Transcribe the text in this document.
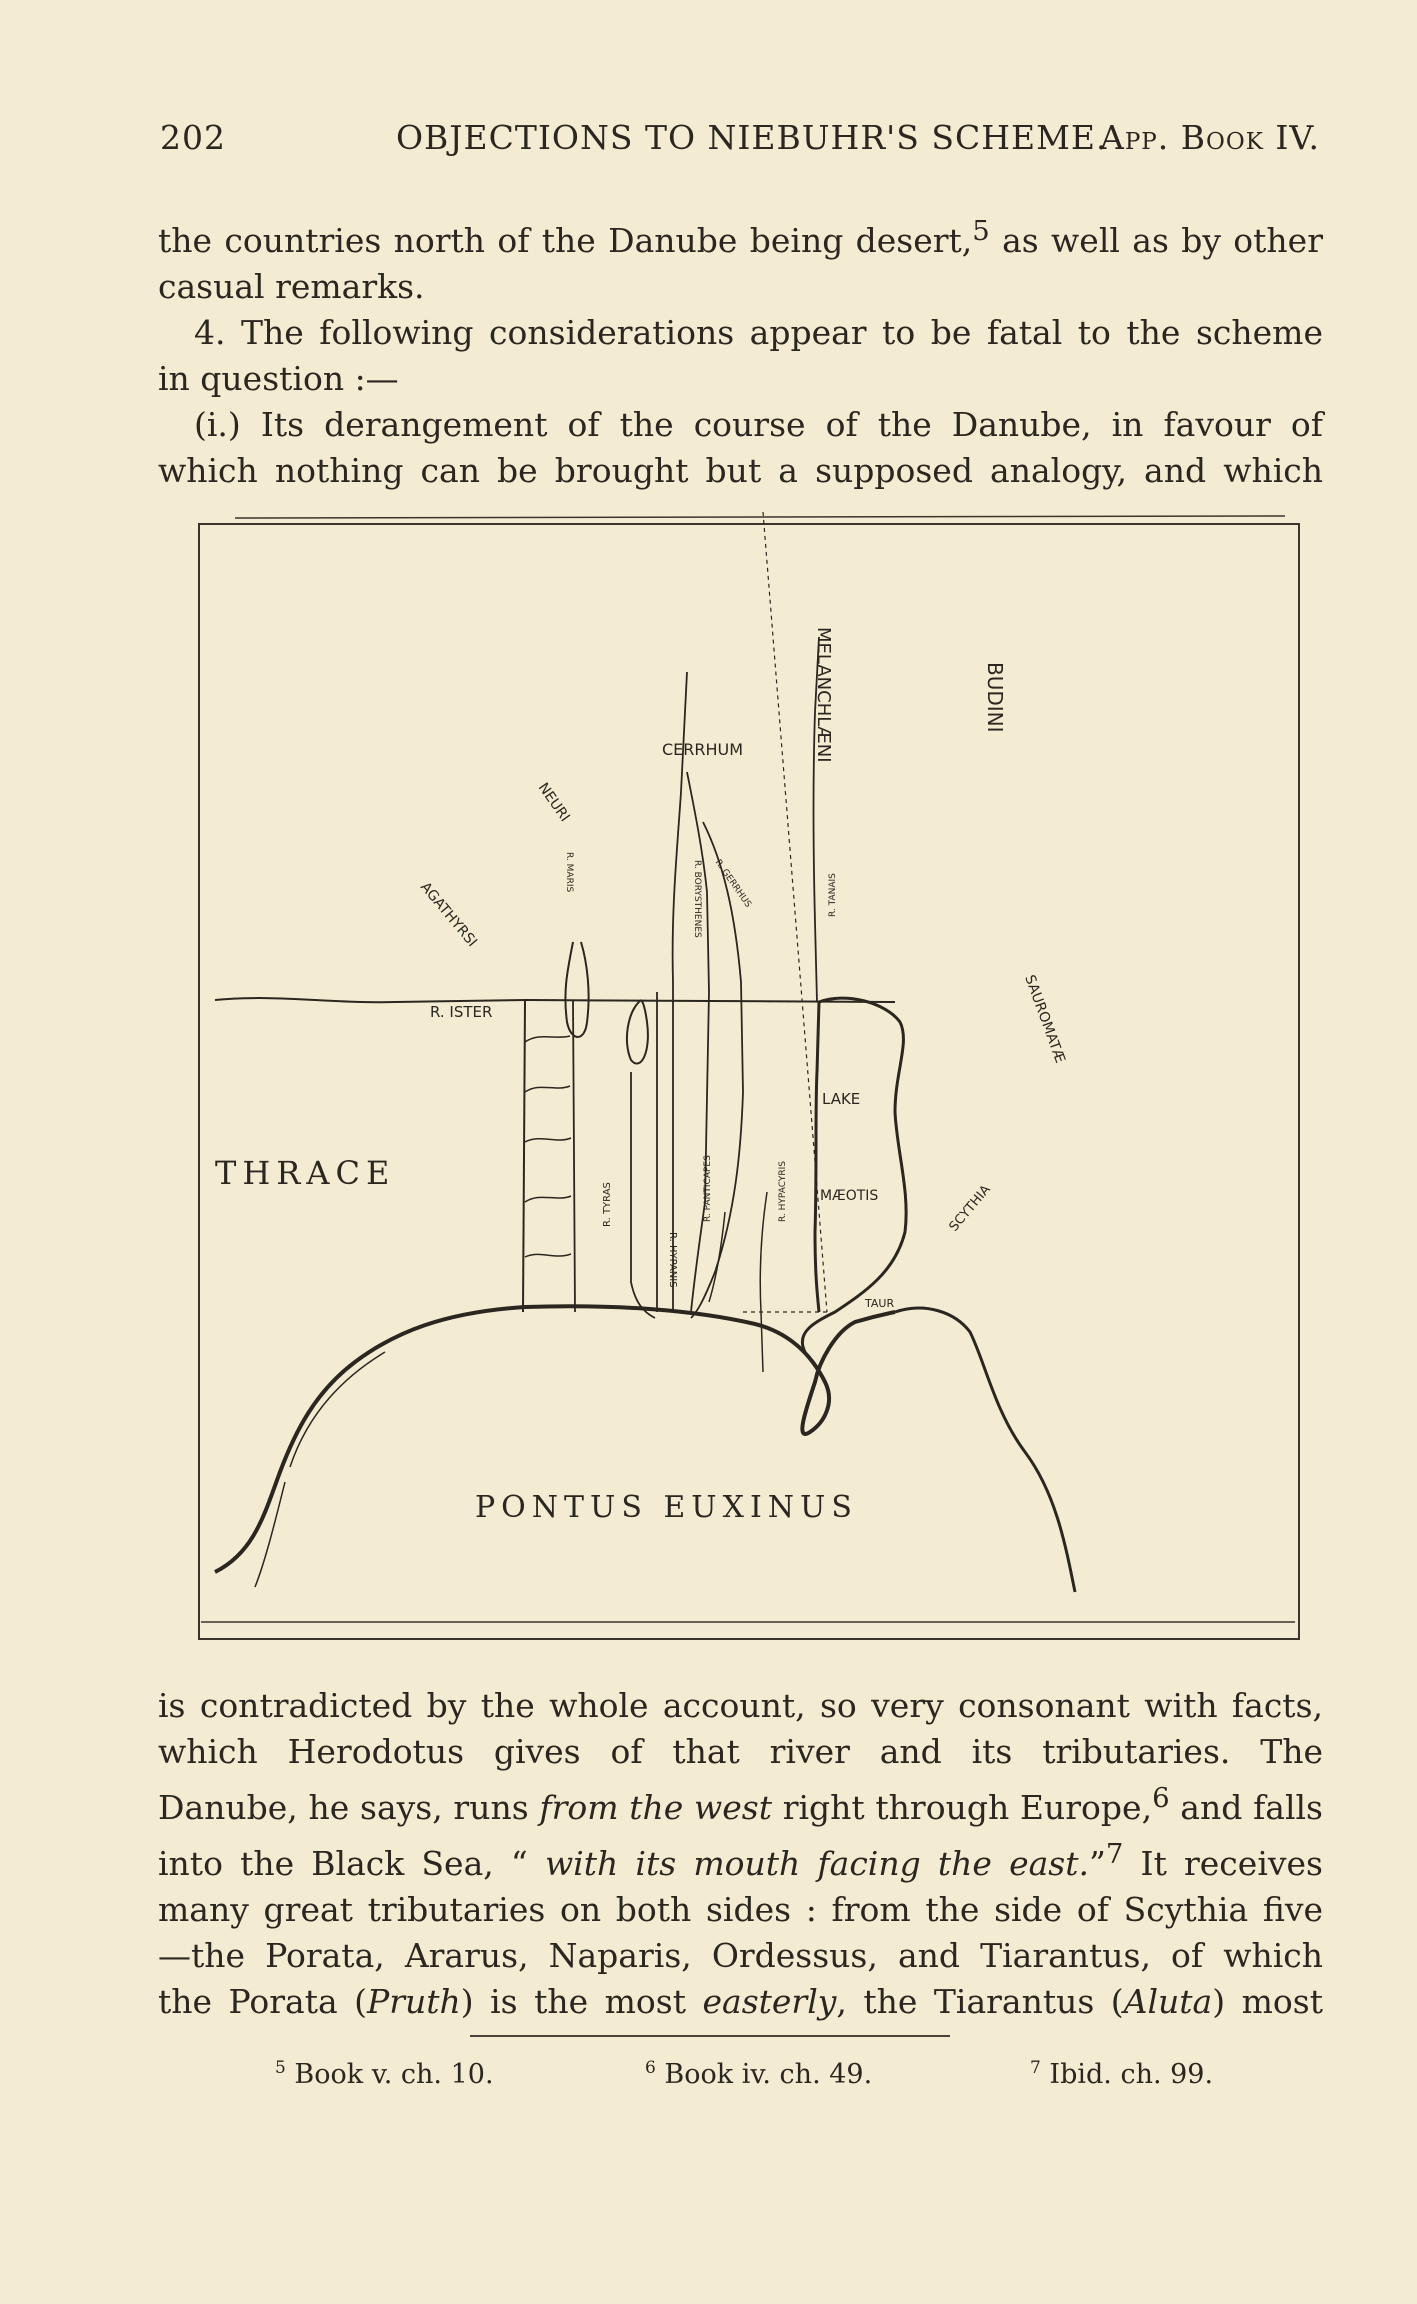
202	OBJECTIONS TO NIEBUHR'S SCHEME.
App. Book IV.

the countries north of the Danube being desert,$^5$ as well as by other

casual remarks.

4. The following considerations appear to be fatal to the scheme

in question :—

(i.) Its derangement of the course of the Danube, in favour of

which nothing can be brought but a supposed analogy, and which

THRACE
PONTUS EUXINUS
R. ISTER
CERRHUM
LAKE
MÆOTIS
TAUR
BUDINI
MELANCHLÆNI
AGATHYRSI
NEURI
SAUROMATÆ
SCYTHIA
R. TYRAS
R. HYPANIS
R. PANTICAPES	R. HYPACYRIS
R. BORYSTHENES R. GERRHUS	R. TANAIS
R. MARIS

is contradicted by the whole account, so very consonant with facts,

which Herodotus gives of that river and its tributaries. The

Danube, he says, runs from the west right through Europe,$^6$ and falls

into the Black Sea, “ with its mouth facing the east.”$^7$ It receives

many great tributaries on both sides : from the side of Scythia five

—the Porata, Ararus, Naparis, Ordessus, and Tiarantus, of which

the Porata (Pruth) is the most easterly, the Tiarantus (Aluta) most

$^5$ Book v. ch. 10.	$^6$ Book iv. ch. 49.	$^7$ Ibid. ch. 99.
